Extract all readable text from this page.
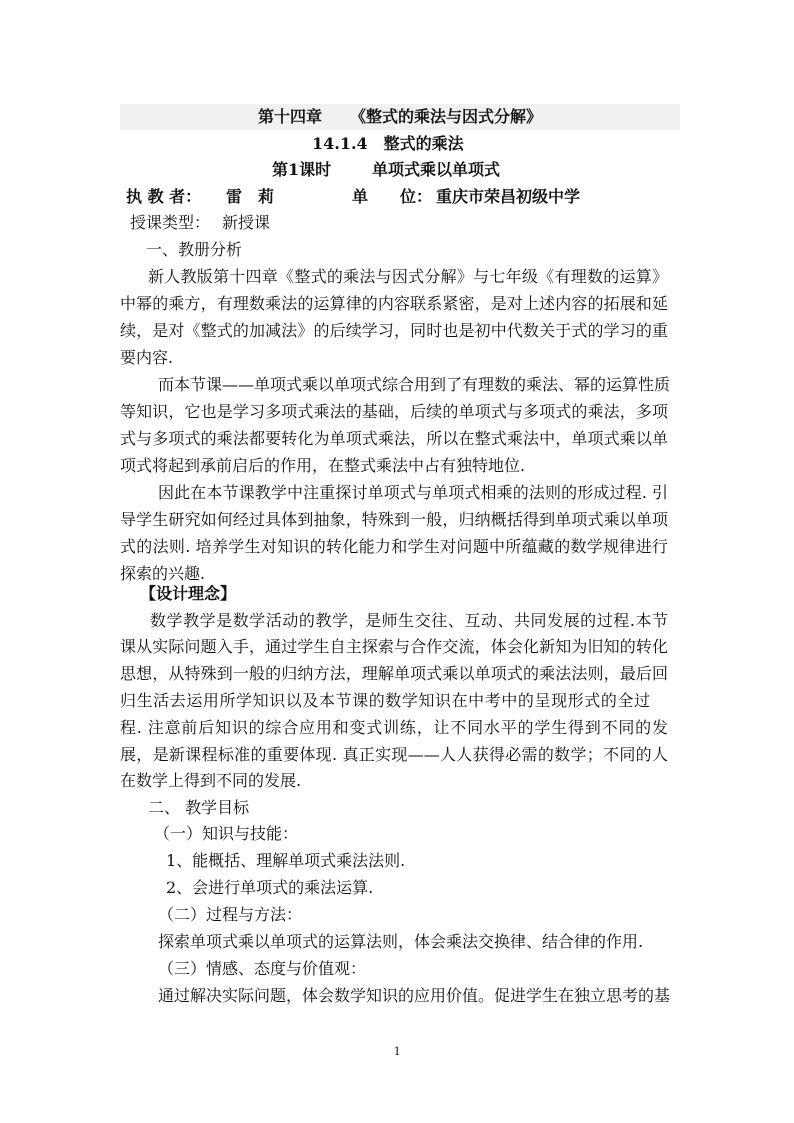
第十四章 《整式的乘法与因式分解》
14.1.4　整式的乘法
第1课时	单项式乘以单项式
执 教 者： 雷　莉	单　　位： 重庆市荣昌初级中学
授课类型： 新授课
一、教册分析
新人教版第十四章《整式的乘法与因式分解》与七年级《有理数的运算》
中幂的乘方，有理数乘法的运算律的内容联系紧密，是对上述内容的拓展和延
续，是对《整式的加减法》的后续学习，同时也是初中代数关于式的学习的重
要内容.
而本节课——单项式乘以单项式综合用到了有理数的乘法、幂的运算性质
等知识，它也是学习多项式乘法的基础，后续的单项式与多项式的乘法，多项
式与多项式的乘法都要转化为单项式乘法，所以在整式乘法中，单项式乘以单
项式将起到承前启后的作用，在整式乘法中占有独特地位.
因此在本节课教学中注重探讨单项式与单项式相乘的法则的形成过程. 引
导学生研究如何经过具体到抽象，特殊到一般，归纳概括得到单项式乘以单项
式的法则. 培养学生对知识的转化能力和学生对问题中所蕴藏的数学规律进行
探索的兴趣.
【设计理念】
数学教学是数学活动的教学，是师生交往、互动、共同发展的过程.本节
课从实际问题入手，通过学生自主探索与合作交流，体会化新知为旧知的转化
思想，从特殊到一般的归纳方法，理解单项式乘以单项式的乘法法则，最后回
归生活去运用所学知识以及本节课的数学知识在中考中的呈现形式的全过
程. 注意前后知识的综合应用和变式训练，让不同水平的学生得到不同的发
展，是新课程标准的重要体现. 真正实现——人人获得必需的数学；不同的人
在数学上得到不同的发展.
二、 教学目标
（一）知识与技能：
1、能概括、理解单项式乘法法则.
2、会进行单项式的乘法运算.
（二）过程与方法：
探索单项式乘以单项式的运算法则，体会乘法交换律、结合律的作用.
（三）情感、态度与价值观：
通过解决实际问题，体会数学知识的应用价值。促进学生在独立思考的基
1
